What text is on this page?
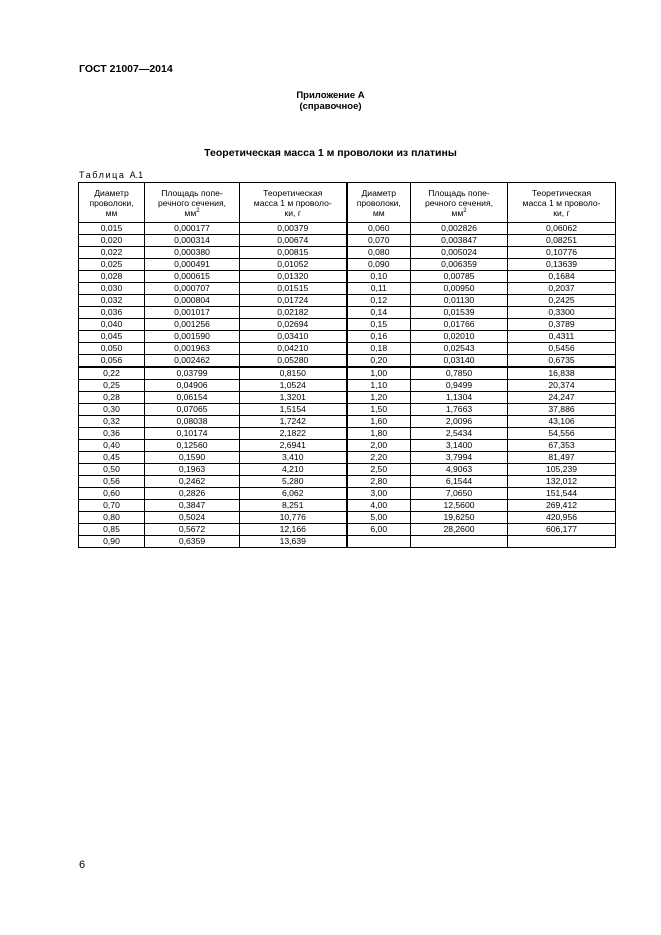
ГОСТ 21007—2014
Приложение А
(справочное)
Теоретическая масса 1 м проволоки из платины
Таблица А.1
Диаметр
проволоки,
мм	Площадь попе-
речного сечения,
$мм^2$	Теоретическая
масса 1 м проволо-
ки, г	Диаметр
проволоки,
мм	Площадь попе-
речного сечения,
$мм^2$	Теоретическая
масса 1 м проволо-
ки, г
0,015	0,000177	0,00379	0,060	0,002826	0,06062
0,020	0,000314	0,00674	0,070	0,003847	0,08251
0,022	0,000380	0,00815	0,080	0,005024	0,10776
0,025	0,000491	0,01052	0,090	0,006359	0,13639
0,028	0,000615	0,01320	0,10	0,00785	0,1684
0,030	0,000707	0,01515	0,11	0,00950	0,2037
0,032	0,000804	0,01724	0,12	0,01130	0,2425
0,036	0,001017	0,02182	0,14	0,01539	0,3300
0,040	0,001256	0,02694	0,15	0,01766	0,3789
0,045	0,001590	0,03410	0,16	0,02010	0,4311
0,050	0,001963	0,04210	0,18	0,02543	0,5456
0,056	0,002462	0,05280	0,20	0,03140	0,6735
0,22	0,03799	0,8150	1,00	0,7850	16,838
0,25	0,04906	1,0524	1,10	0,9499	20,374
0,28	0,06154	1,3201	1,20	1,1304	24,247
0,30	0,07065	1,5154	1,50	1,7663	37,886
0,32	0,08038	1,7242	1,60	2,0096	43,106
0,36	0,10174	2,1822	1,80	2,5434	54,556
0,40	0,12560	2,6941	2,00	3,1400	67,353
0,45	0,1590	3,410	2,20	3,7994	81,497
0,50	0,1963	4,210	2,50	4,9063	105,239
0,56	0,2462	5,280	2,80	6,1544	132,012
0,60	0,2826	6,062	3,00	7,0650	151,544
0,70	0,3847	8,251	4,00	12,5600	269,412
0,80	0,5024	10,776	5,00	19,6250	420,956
0,85	0,5672	12,166	6,00	28,2600	606,177
0,90	0,6359	13,639			
6
